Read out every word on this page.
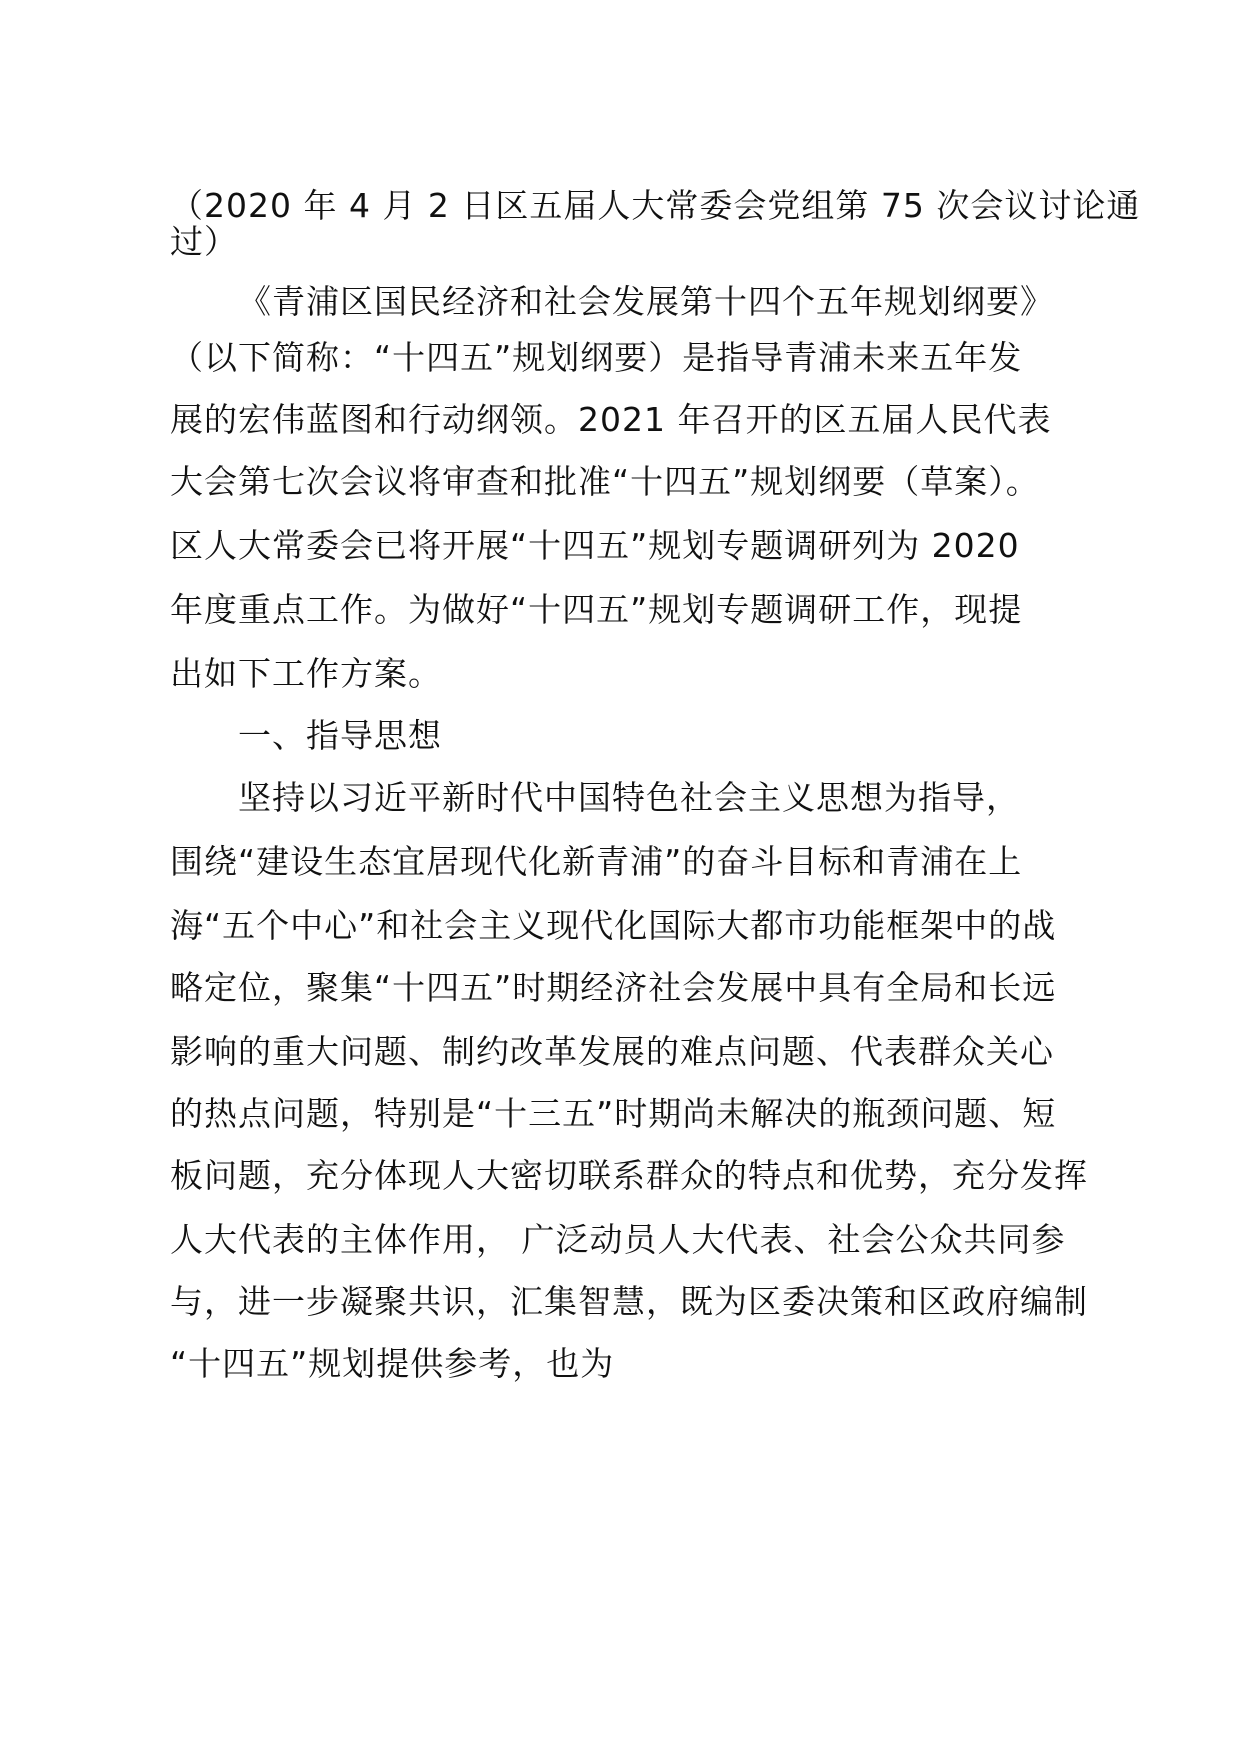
（2020 年 4 月 2 日区五届人大常委会党组第 75 次会议讨论通
过）
《青浦区国民经济和社会发展第十四个五年规划纲要》
（以下简称：“十四五”规划纲要）是指导青浦未来五年发
展的宏伟蓝图和行动纲领。2021 年召开的区五届人民代表
大会第七次会议将审查和批准“十四五”规划纲要（草案）。
区人大常委会已将开展“十四五”规划专题调研列为 2020
年度重点工作。为做好“十四五”规划专题调研工作，现提
出如下工作方案。
一、指导思想
坚持以习近平新时代中国特色社会主义思想为指导，
围绕“建设生态宜居现代化新青浦”的奋斗目标和青浦在上
海“五个中心”和社会主义现代化国际大都市功能框架中的战
略定位，聚集“十四五”时期经济社会发展中具有全局和长远
影响的重大问题、制约改革发展的难点问题、代表群众关心
的热点问题，特别是“十三五”时期尚未解决的瓶颈问题、短
板问题，充分体现人大密切联系群众的特点和优势，充分发挥
人大代表的主体作用， 广泛动员人大代表、社会公众共同参
与，进一步凝聚共识，汇集智慧，既为区委决策和区政府编制
“十四五”规划提供参考，也为
